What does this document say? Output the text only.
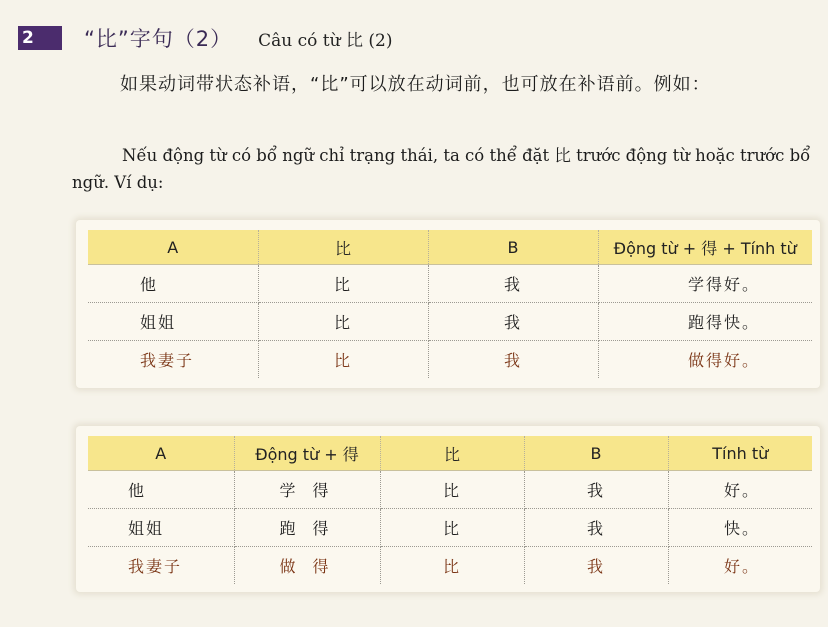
2	“比”字句（2） Câu có từ 比 (2)

如果动词带状态补语，“比”可以放在动词前，也可放在补语前。例如：

Nếu động từ có bổ ngữ chỉ trạng thái, ta có thể đặt 比 trước động từ hoặc trước bổ ngữ. Ví dụ:

A	比	B	Động từ + 得 + Tính từ
他	比	我	学得好。
姐姐	比	我	跑得快。
我妻子	比	我	做得好。
A	Động từ + 得	比	B	Tính từ
他	学 得	比	我	好。
姐姐	跑 得	比	我	快。
我妻子	做 得	比	我	好。
